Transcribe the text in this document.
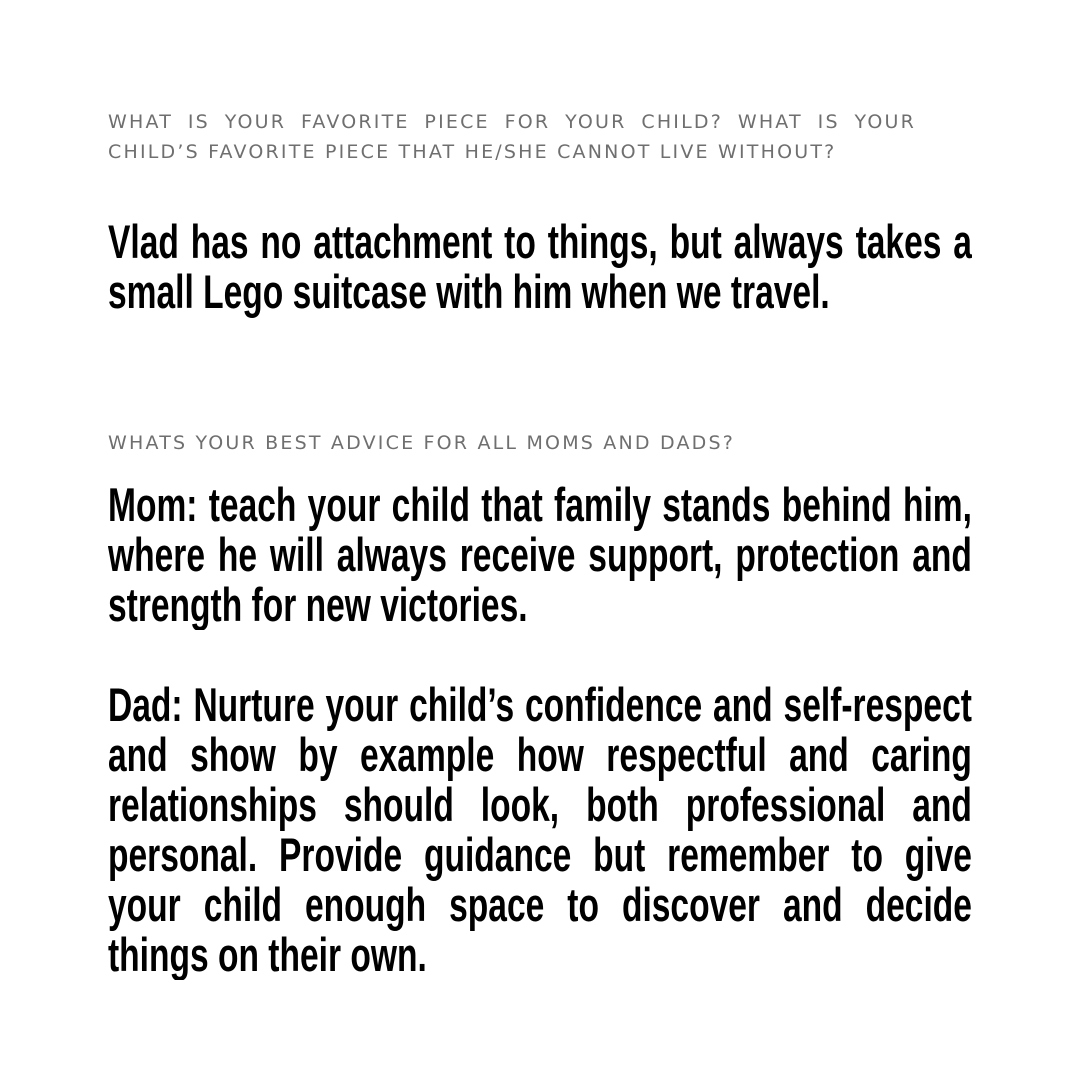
WHAT IS YOUR FAVORITE PIECE FOR YOUR CHILD? WHAT IS YOUR CHILD’S FAVORITE PIECE THAT HE/SHE CANNOT LIVE WITHOUT?

Vlad has no attachment to things, but always takes a small Lego suitcase with him when we travel.

WHATS YOUR BEST ADVICE FOR ALL MOMS AND DADS?

Mom: teach your child that family stands behind him, where he will always receive support, protection and strength for new victories.

Dad: Nurture your child’s confidence and self-respect and show by example how respectful and caring relationships should look, both professional and personal. Provide guidance but remember to give your child enough space to discover and decide things on their own.
